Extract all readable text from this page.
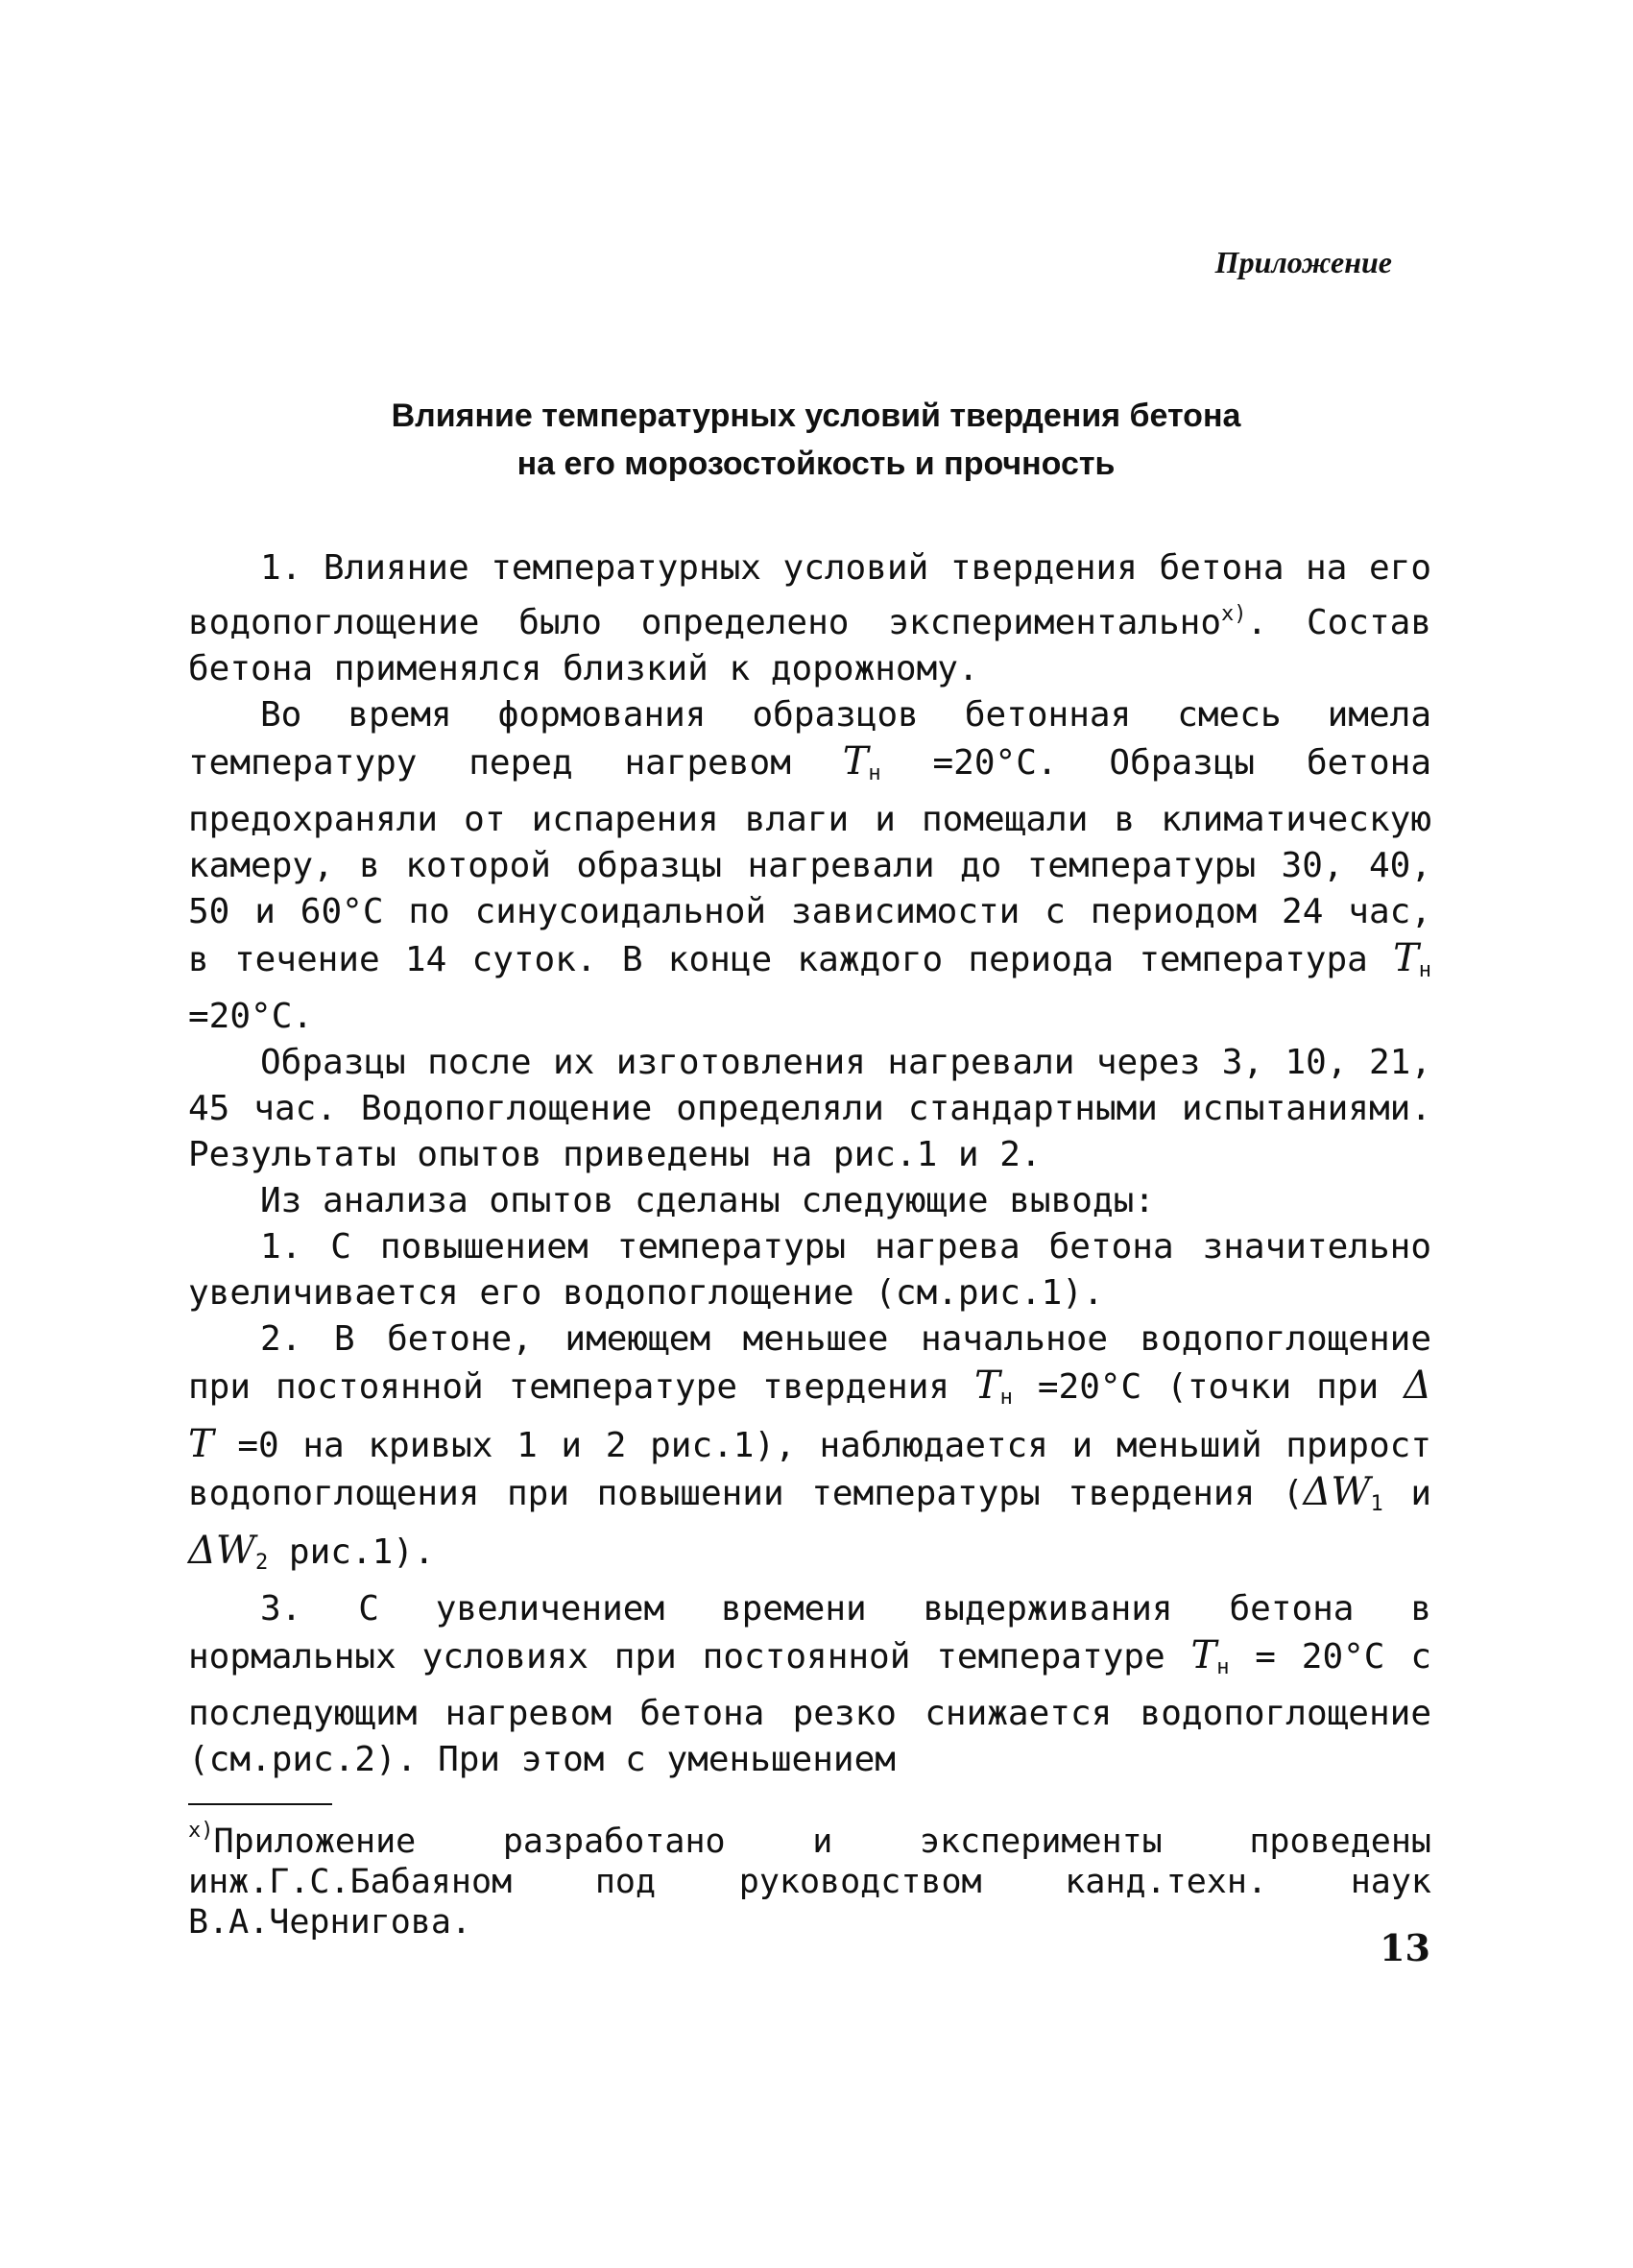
Приложение
Влияние температурных условий твердения бетона
на его морозостойкость и прочность

1. Влияние температурных условий твердения бетона на его водопоглощение было определено экспериментально$^{х)}$. Состав бетона применялся близкий к дорожному.

Во время формования образцов бетонная смесь имела температуру перед нагревом $T_н =20^\circ C$. Образцы бетона предохраняли от испарения влаги и помещали в климатическую камеру, в которой образцы нагревали до температуры 30, 40, 50 и 60°C по синусоидальной зависимости с периодом 24 час, в течение 14 суток. В конце каждого периода температура $T_н =20^\circ C$.

Образцы после их изготовления нагревали через 3, 10, 21, 45 час. Водопоглощение определяли стандартными испытаниями. Результаты опытов приведены на рис.1 и 2.

Из анализа опытов сделаны следующие выводы:

1. С повышением температуры нагрева бетона значительно увеличивается его водопоглощение (см.рис.1).

2. В бетоне, имеющем меньшее начальное водопоглощение при постоянной температуре твердения $T_н =20^\circ C$ (точки при Δ T =0 на кривых 1 и 2 рис.1), наблюдается и меньший прирост водопоглощения при повышении температуры твердения ($\Delta W_1$ и $\Delta W_2$ рис.1).

3. С увеличением времени выдерживания бетона в нормальных условиях при постоянной температуре $T_н = 20^\circ C$ с последующим нагревом бетона резко снижается водопоглощение (см.рис.2). При этом с уменьшением

$^{х)}$Приложение разработано и эксперименты проведены инж.Г.С.Бабаяном под руководством канд.техн. наук В.А.Чернигова.

13
